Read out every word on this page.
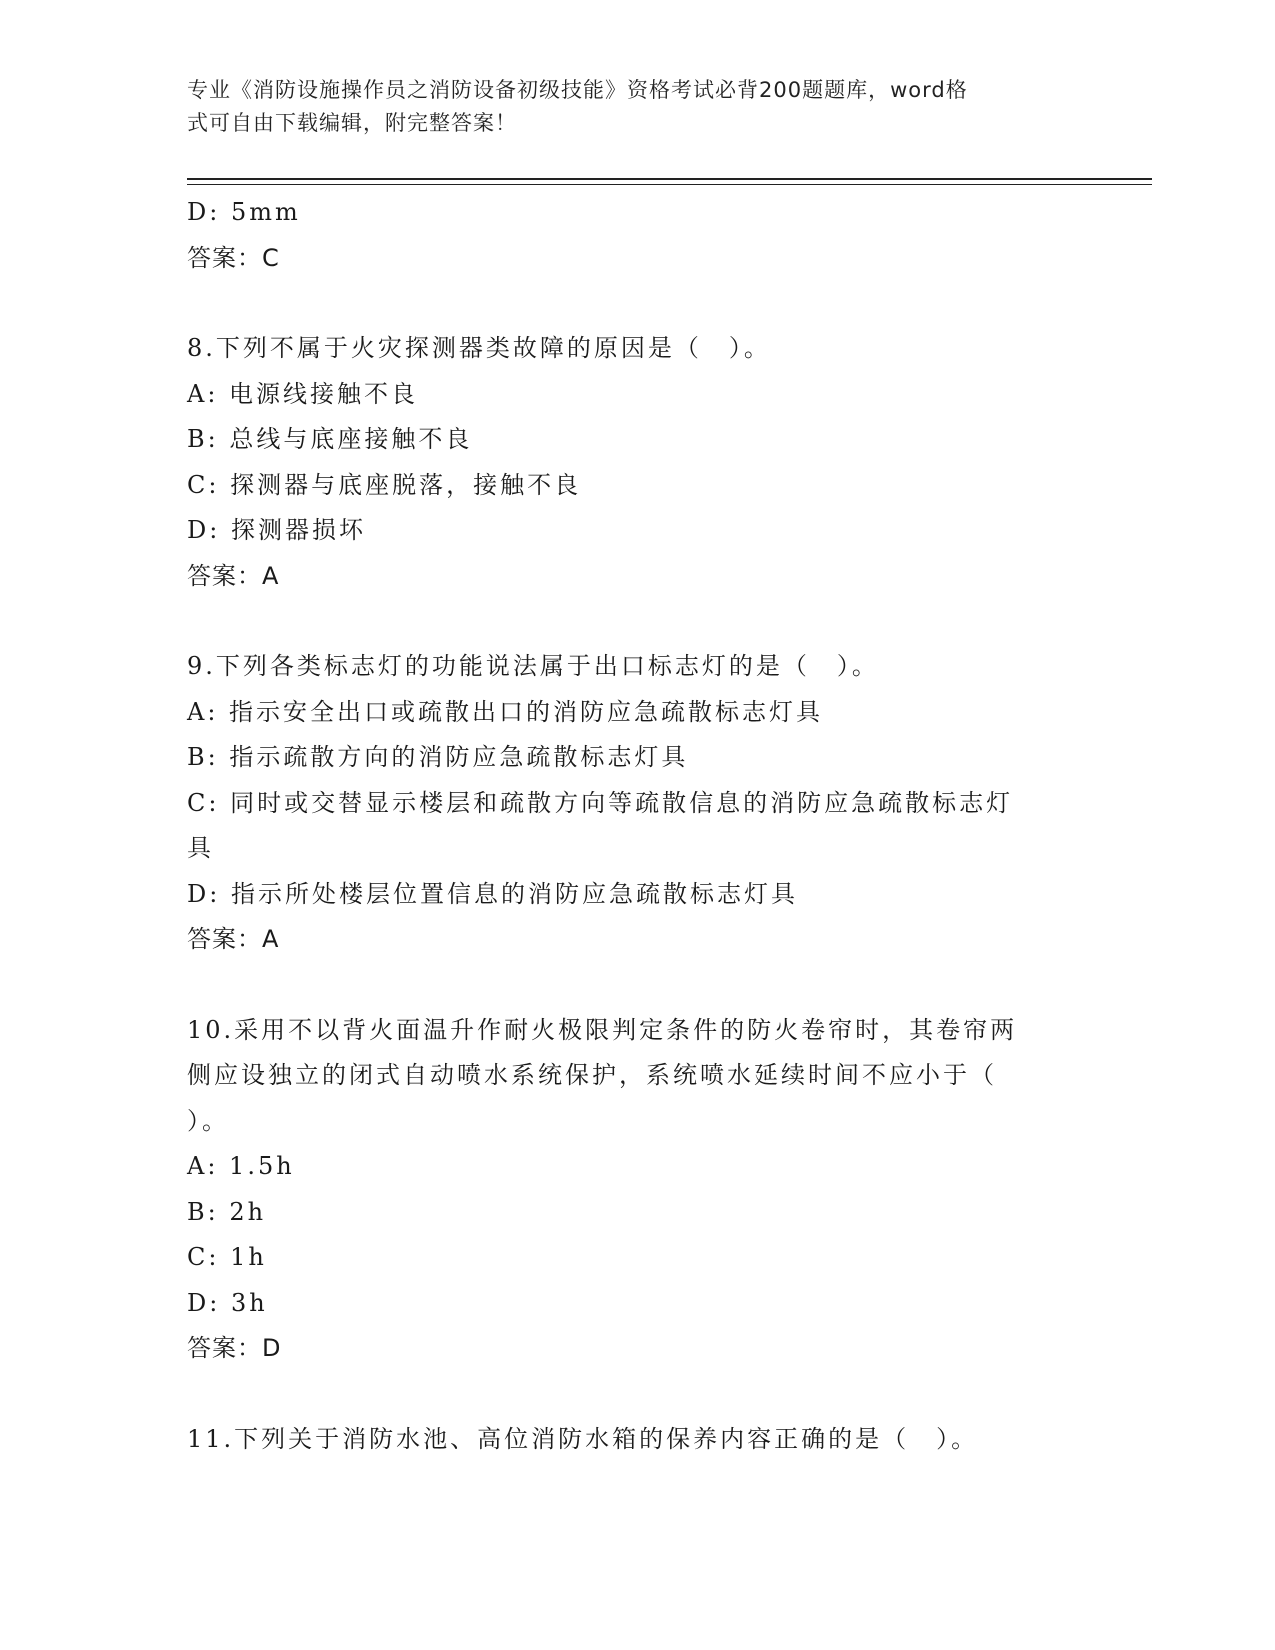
专业《消防设施操作员之消防设备初级技能》资格考试必背200题题库，word格
式可自由下载编辑，附完整答案！
D: 5mm
答案：C
8.下列不属于火灾探测器类故障的原因是（　）。
A: 电源线接触不良
B: 总线与底座接触不良
C: 探测器与底座脱落，接触不良
D: 探测器损坏
答案：A
9.下列各类标志灯的功能说法属于出口标志灯的是（　）。
A: 指示安全出口或疏散出口的消防应急疏散标志灯具
B: 指示疏散方向的消防应急疏散标志灯具
C: 同时或交替显示楼层和疏散方向等疏散信息的消防应急疏散标志灯
具
D: 指示所处楼层位置信息的消防应急疏散标志灯具
答案：A
10.采用不以背火面温升作耐火极限判定条件的防火卷帘时，其卷帘两
侧应设独立的闭式自动喷水系统保护，系统喷水延续时间不应小于（
）。
A: 1.5h
B: 2h
C: 1h
D: 3h
答案：D
11.下列关于消防水池、高位消防水箱的保养内容正确的是（　）。
